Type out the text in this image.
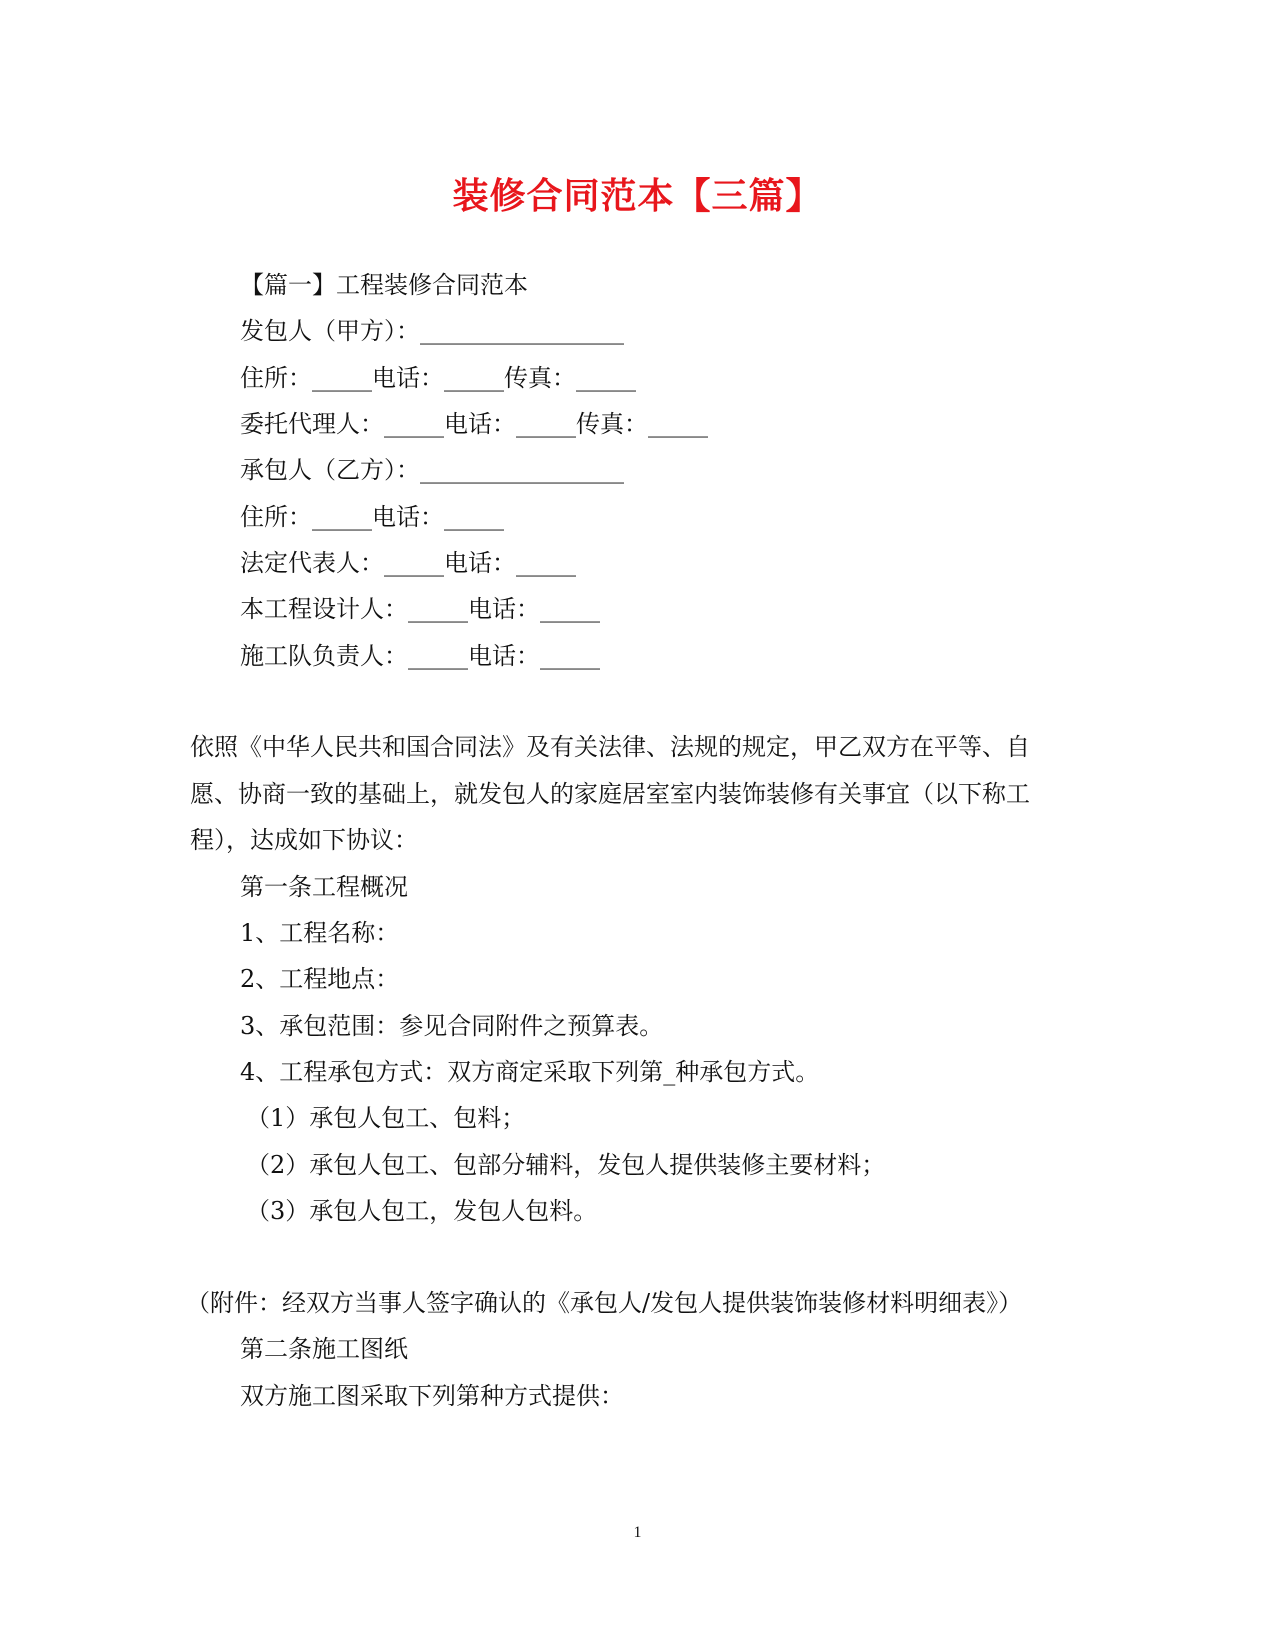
装修合同范本【三篇】
【篇一】工程装修合同范本
发包人（甲方）：_________________
住所：_____电话：_____传真：_____
委托代理人：_____电话：_____传真：_____
承包人（乙方）：_________________
住所：_____电话：_____
法定代表人：_____电话：_____
本工程设计人：_____电话：_____
施工队负责人：_____电话：_____
依照《中华人民共和国合同法》及有关法律、法规的规定，甲乙双方在平等、自
愿、协商一致的基础上，就发包人的家庭居室室内装饰装修有关事宜（以下称工
程），达成如下协议：
第一条工程概况
1、工程名称：
2、工程地点：
3、承包范围：参见合同附件之预算表。
4、工程承包方式：双方商定采取下列第_种承包方式。
（1）承包人包工、包料；
（2）承包人包工、包部分辅料，发包人提供装修主要材料；
（3）承包人包工，发包人包料。
（附件：经双方当事人签字确认的《承包人/发包人提供装饰装修材料明细表》）
第二条施工图纸
双方施工图采取下列第种方式提供：
1
